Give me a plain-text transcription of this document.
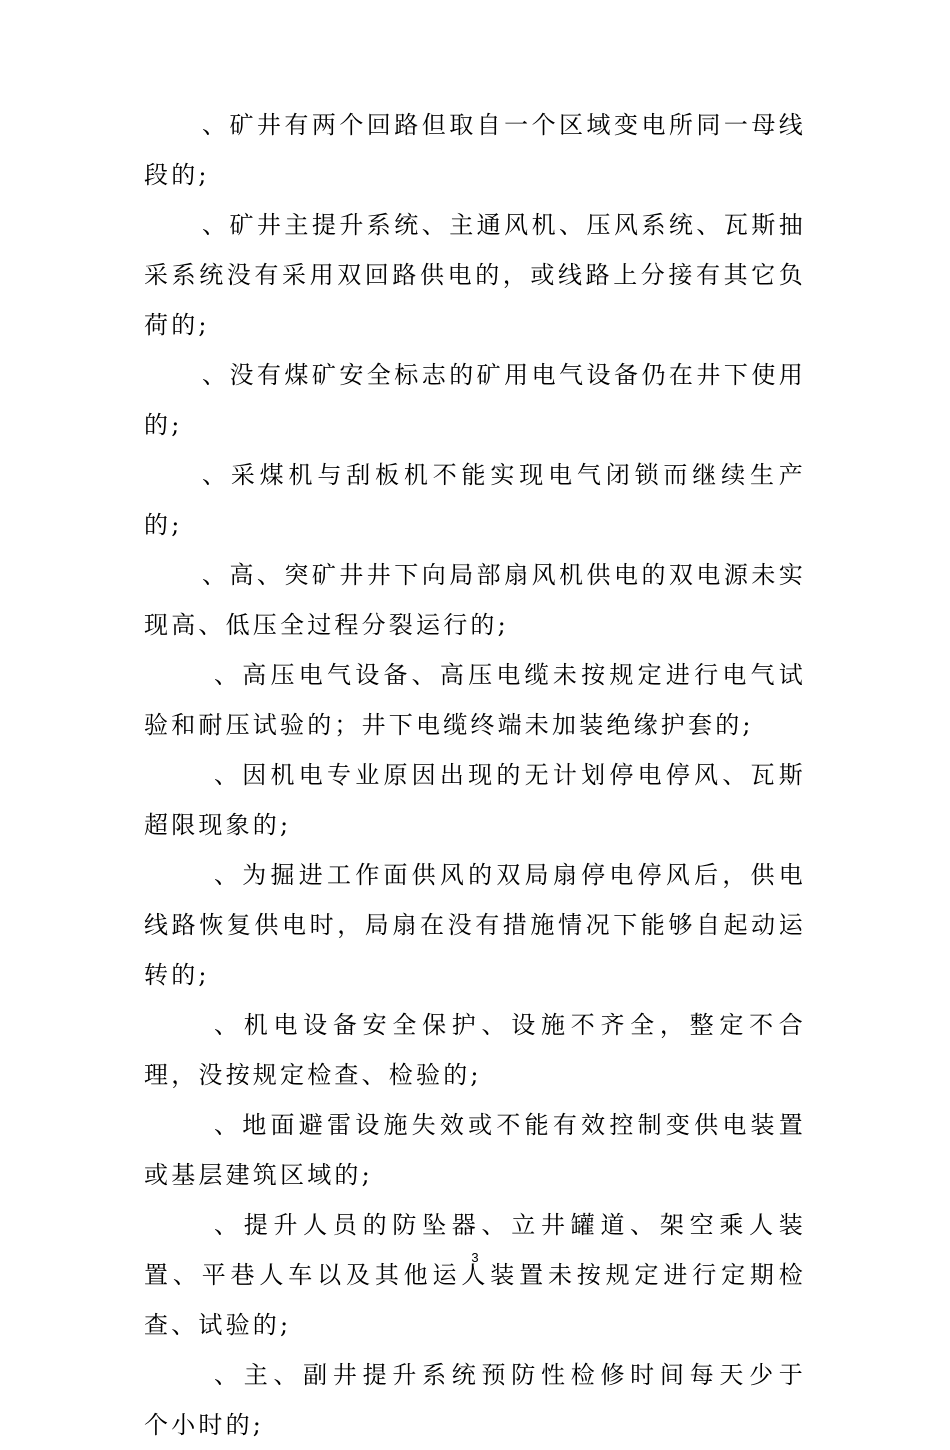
、矿井有两个回路但取自一个区域变电所同一母线段的;

、矿井主提升系统、主通风机、压风系统、瓦斯抽采系统没有采用双回路供电的，或线路上分接有其它负荷的;

、没有煤矿安全标志的矿用电气设备仍在井下使用的;

、采煤机与刮板机不能实现电气闭锁而继续生产的;

、高、突矿井井下向局部扇风机供电的双电源未实现高、低压全过程分裂运行的;

、高压电气设备、高压电缆未按规定进行电气试验和耐压试验的；井下电缆终端未加装绝缘护套的;

、因机电专业原因出现的无计划停电停风、瓦斯超限现象的;

、为掘进工作面供风的双局扇停电停风后，供电线路恢复供电时，局扇在没有措施情况下能够自起动运转的;

、机电设备安全保护、设施不齐全，整定不合理，没按规定检查、检验的;

、地面避雷设施失效或不能有效控制变供电装置或基层建筑区域的;

、提升人员的防坠器、立井罐道、架空乘人装置、平巷人车以及其他运人装置未按规定进行定期检查、试验的;

、主、副井提升系统预防性检修时间每天少于　个小时的;

3
